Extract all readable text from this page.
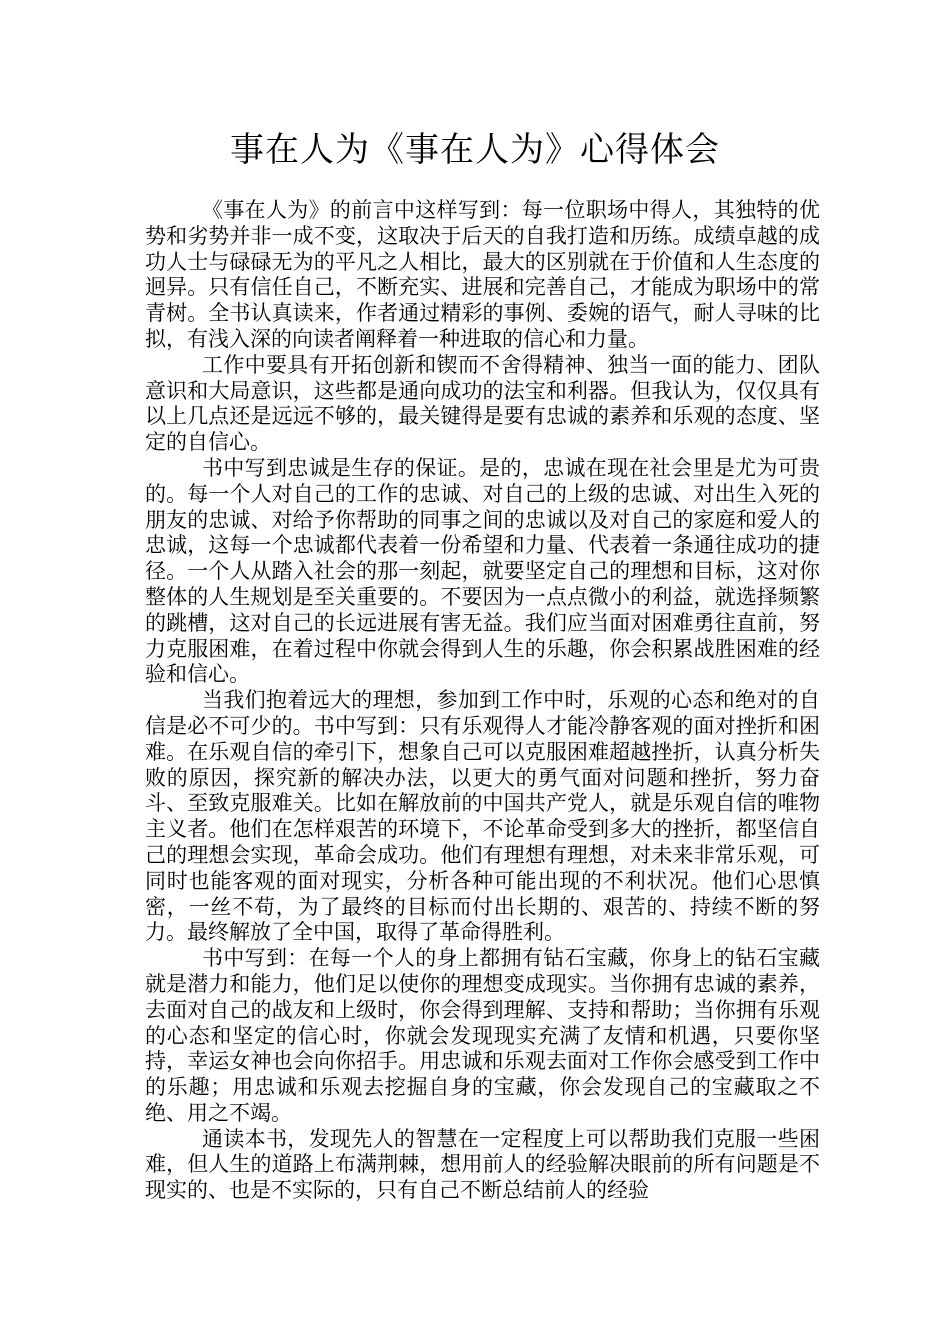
事在人为《事在人为》心得体会

《事在人为》的前言中这样写到：每一位职场中得人，其独特的优势和劣势并非一成不变，这取决于后天的自我打造和历练。成绩卓越的成功人士与碌碌无为的平凡之人相比，最大的区别就在于价值和人生态度的迥异。只有信任自己，不断充实、进展和完善自己，才能成为职场中的常青树。全书认真读来，作者通过精彩的事例、委婉的语气，耐人寻味的比拟，有浅入深的向读者阐释着一种进取的信心和力量。

工作中要具有开拓创新和锲而不舍得精神、独当一面的能力、团队意识和大局意识，这些都是通向成功的法宝和利器。但我认为，仅仅具有以上几点还是远远不够的，最关键得是要有忠诚的素养和乐观的态度、坚定的自信心。

书中写到忠诚是生存的保证。是的，忠诚在现在社会里是尤为可贵的。每一个人对自己的工作的忠诚、对自己的上级的忠诚、对出生入死的朋友的忠诚、对给予你帮助的同事之间的忠诚以及对自己的家庭和爱人的忠诚，这每一个忠诚都代表着一份希望和力量、代表着一条通往成功的捷径。一个人从踏入社会的那一刻起，就要坚定自己的理想和目标，这对你整体的人生规划是至关重要的。不要因为一点点微小的利益，就选择频繁的跳槽，这对自己的长远进展有害无益。我们应当面对困难勇往直前，努力克服困难，在着过程中你就会得到人生的乐趣，你会积累战胜困难的经验和信心。

当我们抱着远大的理想，参加到工作中时，乐观的心态和绝对的自信是必不可少的。书中写到：只有乐观得人才能冷静客观的面对挫折和困难。在乐观自信的牵引下，想象自己可以克服困难超越挫折，认真分析失败的原因，探究新的解决办法，以更大的勇气面对问题和挫折，努力奋斗、至致克服难关。比如在解放前的中国共产党人，就是乐观自信的唯物主义者。他们在怎样艰苦的环境下，不论革命受到多大的挫折，都坚信自己的理想会实现，革命会成功。他们有理想有理想，对未来非常乐观，可同时也能客观的面对现实，分析各种可能出现的不利状况。他们心思慎密，一丝不苟，为了最终的目标而付出长期的、艰苦的、持续不断的努力。最终解放了全中国，取得了革命得胜利。

书中写到：在每一个人的身上都拥有钻石宝藏，你身上的钻石宝藏就是潜力和能力，他们足以使你的理想变成现实。当你拥有忠诚的素养，去面对自己的战友和上级时，你会得到理解、支持和帮助；当你拥有乐观的心态和坚定的信心时，你就会发现现实充满了友情和机遇，只要你坚持，幸运女神也会向你招手。用忠诚和乐观去面对工作你会感受到工作中的乐趣；用忠诚和乐观去挖掘自身的宝藏，你会发现自己的宝藏取之不绝、用之不竭。

通读本书，发现先人的智慧在一定程度上可以帮助我们克服一些困难，但人生的道路上布满荆棘，想用前人的经验解决眼前的所有问题是不现实的、也是不实际的，只有自己不断总结前人的经验
